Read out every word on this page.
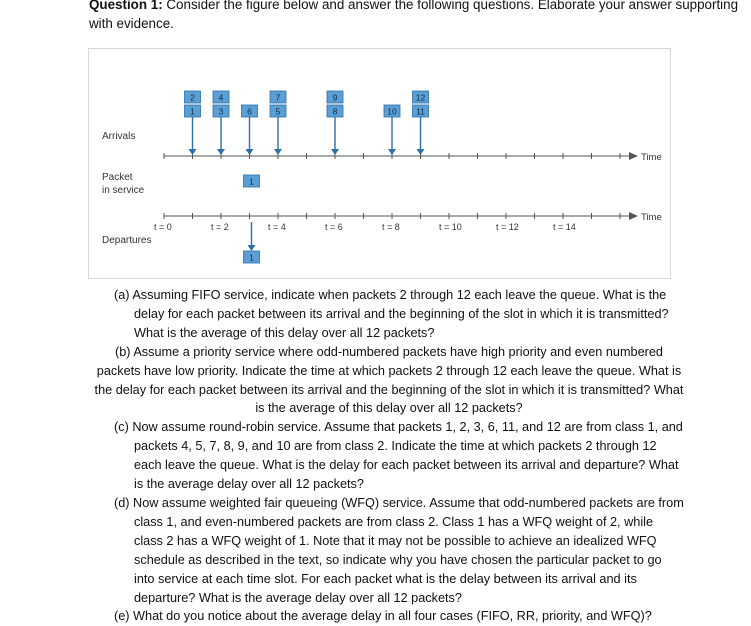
Question 1: Consider the figure below and answer the following questions. Elaborate your answer supporting with evidence.
Time
Time
Arrivals
Packet
in service
Departures
t = 0	t = 2	t = 4	t = 6	t = 8	t = 10	t = 12	t = 14
1
2
3
4
6	5
7
8
9
10 11
12
1
1

(a) Assuming FIFO service, indicate when packets 2 through 12 each leave the queue. What is the delay for each packet between its arrival and the beginning of the slot in which it is transmitted? What is the average of this delay over all 12 packets?

(b) Assume a priority service where odd-numbered packets have high priority and even numbered packets have low priority. Indicate the time at which packets 2 through 12 each leave the queue. What is the delay for each packet between its arrival and the beginning of the slot in which it is transmitted? What is the average of this delay over all 12 packets?

(c) Now assume round-robin service. Assume that packets 1, 2, 3, 6, 11, and 12 are from class 1, and packets 4, 5, 7, 8, 9, and 10 are from class 2. Indicate the time at which packets 2 through 12 each leave the queue. What is the delay for each packet between its arrival and departure? What is the average delay over all 12 packets?

(d) Now assume weighted fair queueing (WFQ) service. Assume that odd-numbered packets are from class 1, and even-numbered packets are from class 2. Class 1 has a WFQ weight of 2, while class 2 has a WFQ weight of 1. Note that it may not be possible to achieve an idealized WFQ schedule as described in the text, so indicate why you have chosen the particular packet to go into service at each time slot. For each packet what is the delay between its arrival and its departure? What is the average delay over all 12 packets?

(e) What do you notice about the average delay in all four cases (FIFO, RR, priority, and WFQ)?
